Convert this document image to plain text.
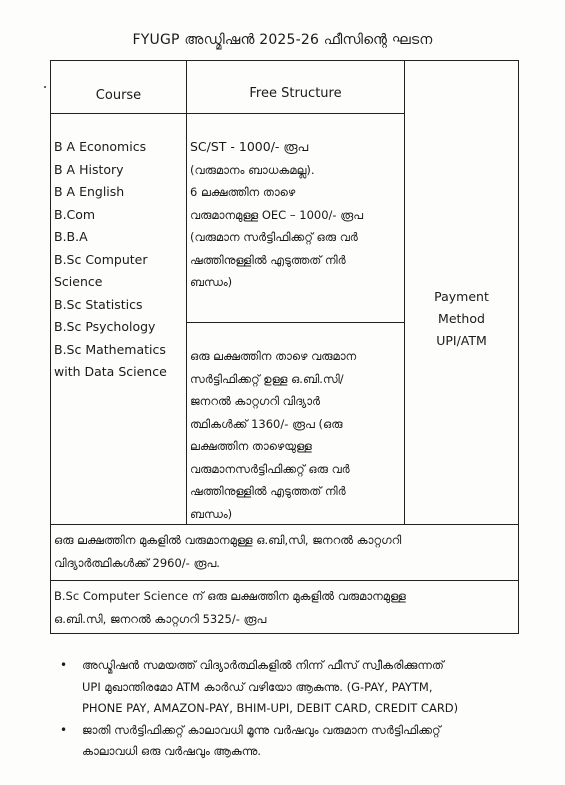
FYUGP അഡ്മിഷൻ 2025-26 ഫീസിന്റെ ഘടന
Course	Free Structure
B A Economics
B A History
B A English
B.Com
B.B.A
B.Sc Computer
Science
B.Sc Statistics
B.Sc Psychology
B.Sc Mathematics
with Data Science
SC/ST - 1000/- രൂപ
(വരുമാനം ബാധകമല്ല).
6 ലക്ഷത്തിന താഴെ
വരുമാനമുള്ള OEC – 1000/- രൂപ
(വരുമാന സർട്ടിഫിക്കറ്റ് ഒരു വർ
ഷത്തിനുള്ളിൽ എടുത്തത് നിർ
ബന്ധം)
ഒരു ലക്ഷത്തിന താഴെ വരുമാന
സർട്ടിഫിക്കറ്റ് ഉള്ള ഒ.ബി.സി/
ജനറൽ കാറ്റഗറി വിദ്യാർ
ത്ഥികൾക്ക് 1360/- രൂപ (ഒരു
ലക്ഷത്തിന താഴെയുള്ള
വരുമാനസർട്ടിഫിക്കറ്റ് ഒരു വർ
ഷത്തിനുള്ളിൽ എടുത്തത് നിർ
ബന്ധം)
Payment
Method
UPI/ATM
ഒരു ലക്ഷത്തിന മുകളിൽ വരുമാനമുള്ള ഒ.ബി,സി, ജനറൽ കാറ്റഗറി
വിദ്യാർത്ഥികൾക്ക് 2960/- രൂപ.
B.Sc Computer Science ന് ഒരു ലക്ഷത്തിന മുകളിൽ വരുമാനമുള്ള
ഒ.ബി.സി, ജനറൽ കാറ്റഗറി 5325/- രൂപ
• അഡ്മിഷൻ സമയത്ത് വിദ്യാർത്ഥികളിൽ നിന്ന് ഫീസ് സ്വീകരിക്കുന്നത്
UPI മുഖാന്തിരമോ ATM കാർഡ് വഴിയോ ആകുന്നു. (G-PAY, PAYTM,
PHONE PAY, AMAZON-PAY, BHIM-UPI, DEBIT CARD, CREDIT CARD)
• ജാതി സർട്ടിഫിക്കറ്റ് കാലാവധി മൂന്നു വർഷവും വരുമാന സർട്ടിഫിക്കറ്റ്
കാലാവധി ഒരു വർഷവും ആകുന്നു.
